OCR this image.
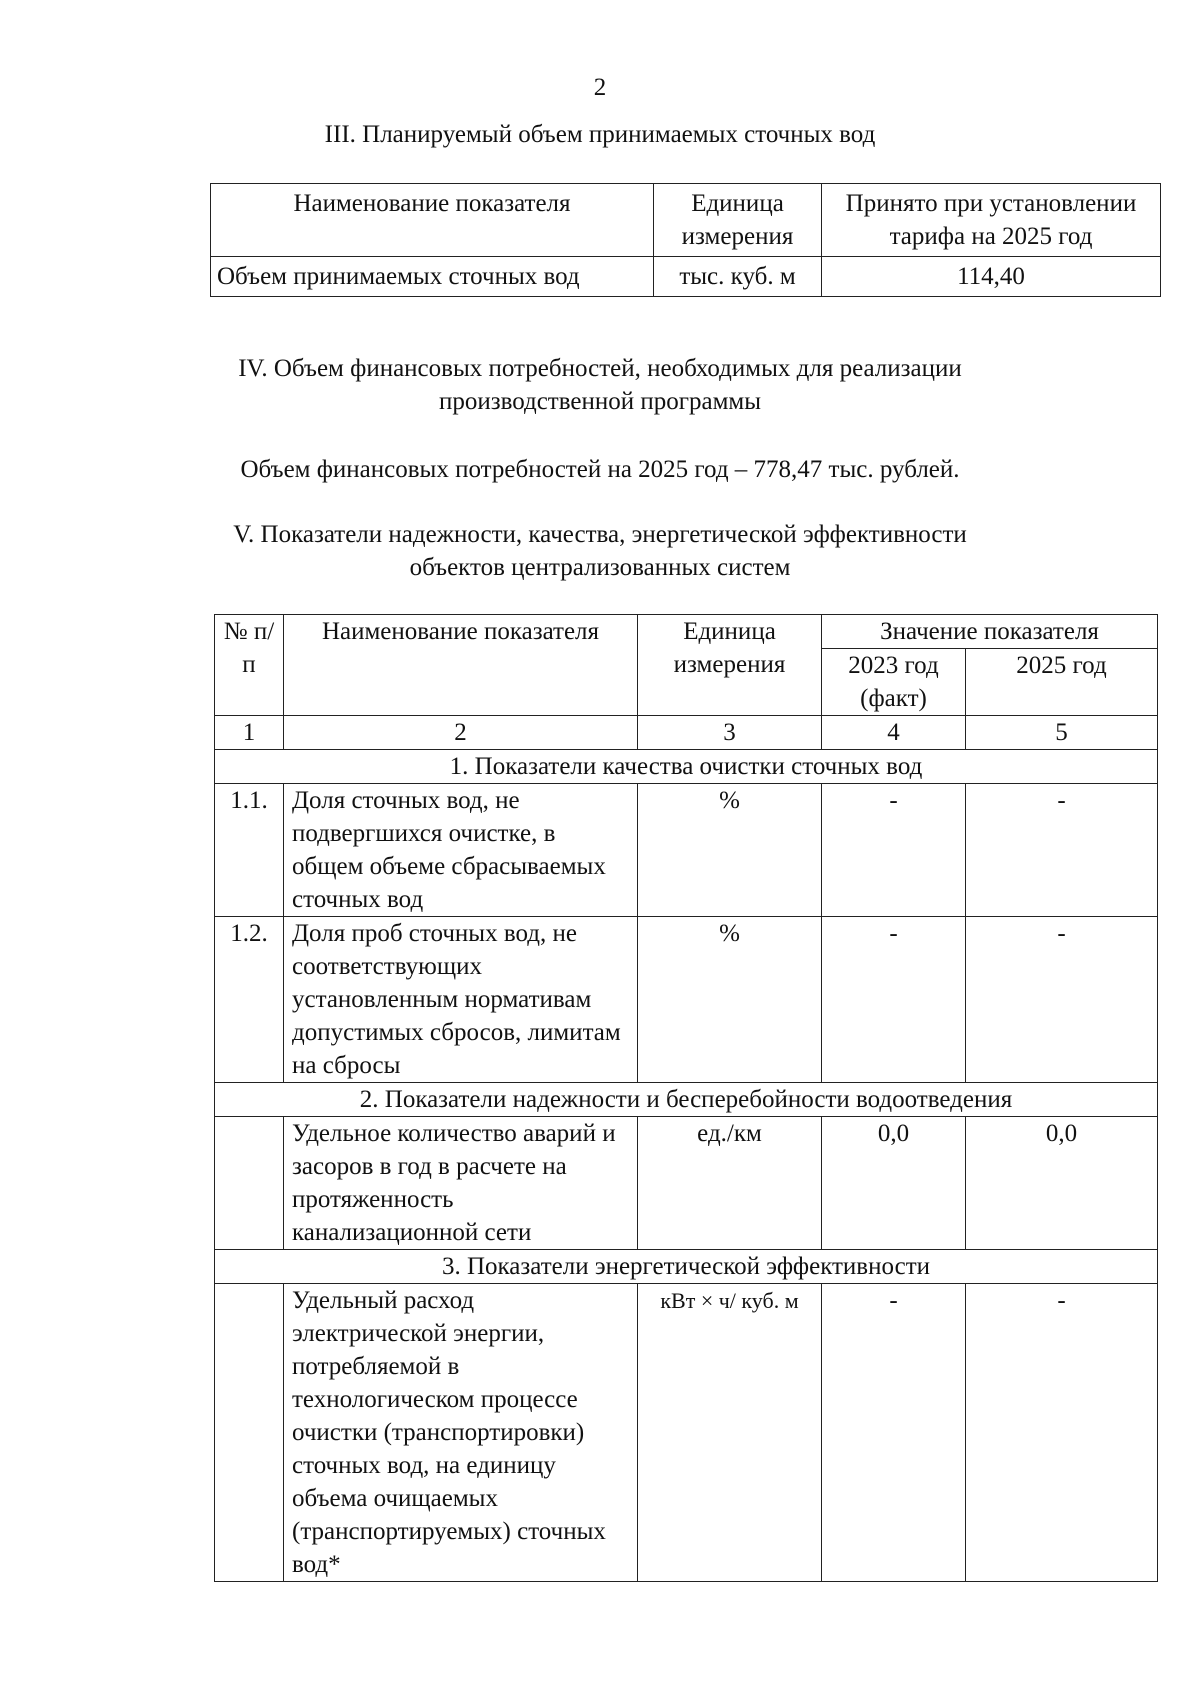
2
III. Планируемый объем принимаемых сточных вод
Наименование показателя	Единица измерения	Принято при установлении тарифа на 2025 год
Объем принимаемых сточных вод	тыс. куб. м	114,40
IV. Объем финансовых потребностей, необходимых для реализации
производственной программы
Объем финансовых потребностей на 2025 год – 778,47 тыс. рублей.
V. Показатели надежности, качества, энергетической эффективности
объектов централизованных систем
№ п/п	Наименование показателя	Единица измерения	Значение показателя	
			2023 год (факт)	2025 год
1	2	3	4	5
1. Показатели качества очистки сточных вод				
1.1.	Доля сточных вод, не подвергшихся очистке, в общем объеме сбрасываемых сточных вод	%	-	-
1.2.	Доля проб сточных вод, не соответствующих установленным нормативам допустимых сбросов, лимитам на сбросы	%	-	-
2. Показатели надежности и бесперебойности водоотведения				
	Удельное количество аварий и засоров в год в расчете на протяженность канализационной сети	ед./км	0,0	0,0
3. Показатели энергетической эффективности				
	Удельный расход электрической энергии, потребляемой в технологическом процессе очистки (транспортировки) сточных вод, на единицу объема очищаемых (транспортируемых) сточных вод*	кВт × ч/ куб. м	-	-
